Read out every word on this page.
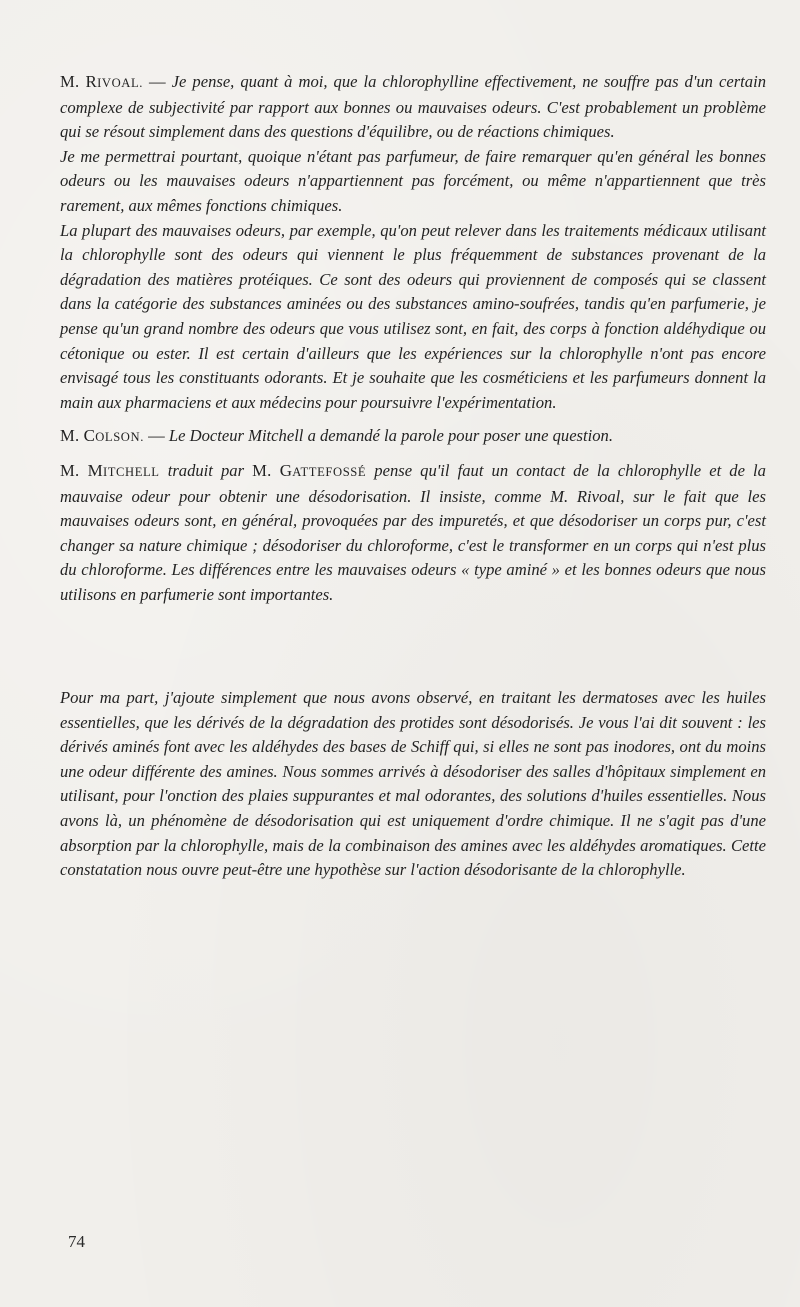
M. RIVOAL. — Je pense, quant à moi, que la chlorophylline effectivement, ne souffre pas d'un certain complexe de subjectivité par rapport aux bonnes ou mauvaises odeurs. C'est probablement un problème qui se résout simplement dans des questions d'équilibre, ou de réactions chimiques.

Je me permettrai pourtant, quoique n'étant pas parfumeur, de faire remarquer qu'en général les bonnes odeurs ou les mauvaises odeurs n'appartiennent pas forcément, ou même n'appartiennent que très rarement, aux mêmes fonctions chimiques.

La plupart des mauvaises odeurs, par exemple, qu'on peut relever dans les traitements médicaux utilisant la chlorophylle sont des odeurs qui viennent le plus fréquemment de substances provenant de la dégradation des matières protéiques. Ce sont des odeurs qui proviennent de composés qui se classent dans la catégorie des substances aminées ou des substances amino-soufrées, tandis qu'en parfumerie, je pense qu'un grand nombre des odeurs que vous utilisez sont, en fait, des corps à fonction aldéhydique ou cétonique ou ester. Il est certain d'ailleurs que les expériences sur la chlorophylle n'ont pas encore envisagé tous les constituants odorants. Et je souhaite que les cosméticiens et les parfumeurs donnent la main aux pharmaciens et aux médecins pour poursuivre l'expérimentation.

M. COLSON. — Le Docteur Mitchell a demandé la parole pour poser une question.

M. MITCHELL traduit par M. GATTEFOSSÉ pense qu'il faut un contact de la chlorophylle et de la mauvaise odeur pour obtenir une désodorisation. Il insiste, comme M. Rivoal, sur le fait que les mauvaises odeurs sont, en général, provoquées par des impuretés, et que désodoriser un corps pur, c'est changer sa nature chimique ; désodoriser du chloroforme, c'est le transformer en un corps qui n'est plus du chloroforme. Les différences entre les mauvaises odeurs « type aminé » et les bonnes odeurs que nous utilisons en parfumerie sont importantes.

Pour ma part, j'ajoute simplement que nous avons observé, en traitant les dermatoses avec les huiles essentielles, que les dérivés de la dégradation des protides sont désodorisés. Je vous l'ai dit souvent : les dérivés aminés font avec les aldéhydes des bases de Schiff qui, si elles ne sont pas inodores, ont du moins une odeur différente des amines. Nous sommes arrivés à désodoriser des salles d'hôpitaux simplement en utilisant, pour l'onction des plaies suppurantes et mal odorantes, des solutions d'huiles essentielles. Nous avons là, un phénomène de désodorisation qui est uniquement d'ordre chimique. Il ne s'agit pas d'une absorption par la chlorophylle, mais de la combinaison des amines avec les aldéhydes aromatiques. Cette constatation nous ouvre peut-être une hypothèse sur l'action désodorisante de la chlorophylle.

74
